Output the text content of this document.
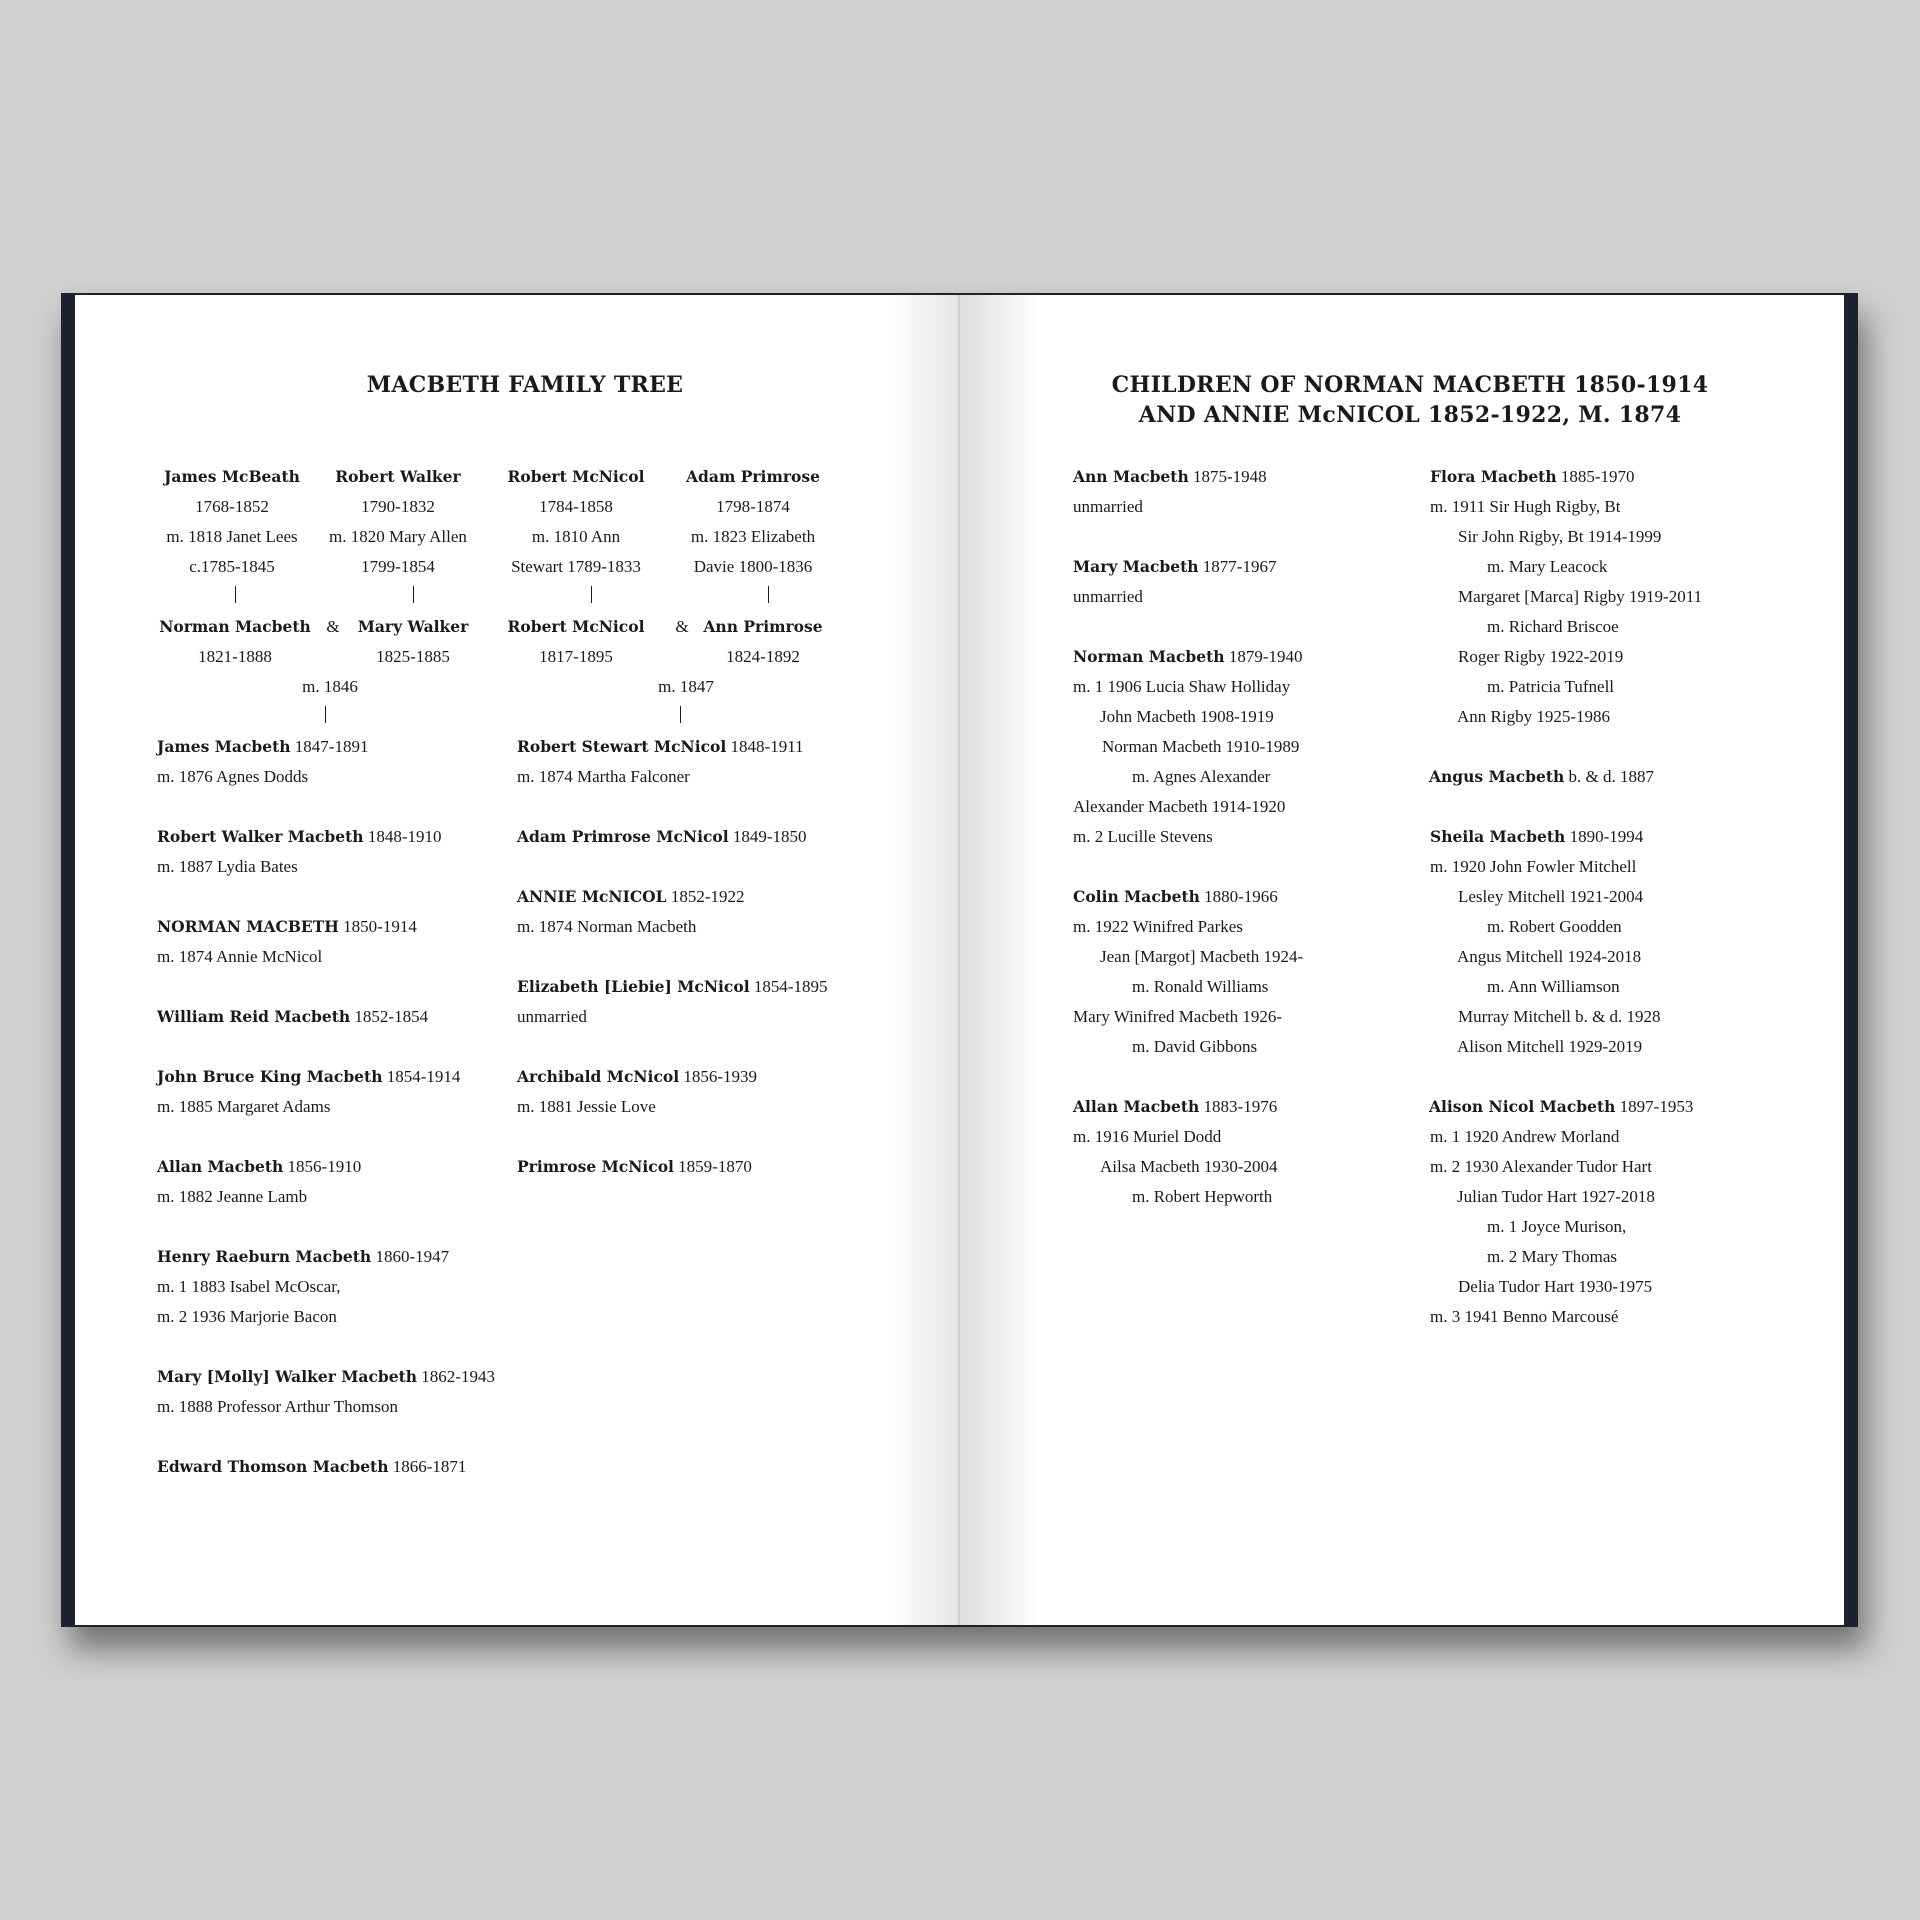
MACBETH FAMILY TREE
James McBeath
1768-1852
m. 1818 Janet Lees
c.1785-1845
Robert Walker
1790-1832
m. 1820 Mary Allen
1799-1854
Robert McNicol
1784-1858
m. 1810 Ann
Stewart 1789-1833
Adam Primrose
1798-1874
m. 1823 Elizabeth
Davie 1800-1836
Norman Macbeth
1821-1888
&	Mary Walker
1825-1885
Robert McNicol
1817-1895
& Ann Primrose
1824-1892
m. 1846	m. 1847
James Macbeth 1847-1891
m. 1876 Agnes Dodds
Robert Walker Macbeth 1848-1910
m. 1887 Lydia Bates
NORMAN MACBETH 1850-1914
m. 1874 Annie McNicol
William Reid Macbeth 1852-1854
John Bruce King Macbeth 1854-1914
m. 1885 Margaret Adams
Allan Macbeth 1856-1910
m. 1882 Jeanne Lamb
Henry Raeburn Macbeth 1860-1947
m. 1 1883 Isabel McOscar,
m. 2 1936 Marjorie Bacon
Mary [Molly] Walker Macbeth 1862-1943
m. 1888 Professor Arthur Thomson
Edward Thomson Macbeth 1866-1871
Robert Stewart McNicol 1848-1911
m. 1874 Martha Falconer
Adam Primrose McNicol 1849-1850
ANNIE McNICOL 1852-1922
m. 1874 Norman Macbeth
Elizabeth [Liebie] McNicol 1854-1895
unmarried
Archibald McNicol 1856-1939
m. 1881 Jessie Love
Primrose McNicol 1859-1870
CHILDREN OF NORMAN MACBETH 1850-1914
AND ANNIE McNICOL 1852-1922, M. 1874
Ann Macbeth 1875-1948
unmarried
Mary Macbeth 1877-1967
unmarried
Norman Macbeth 1879-1940
m. 1 1906 Lucia Shaw Holliday
John Macbeth 1908-1919
Norman Macbeth 1910-1989
m. Agnes Alexander
Alexander Macbeth 1914-1920
m. 2 Lucille Stevens
Colin Macbeth 1880-1966
m. 1922 Winifred Parkes
Jean [Margot] Macbeth 1924-
m. Ronald Williams
Mary Winifred Macbeth 1926-
m. David Gibbons
Allan Macbeth 1883-1976
m. 1916 Muriel Dodd
Ailsa Macbeth 1930-2004
m. Robert Hepworth
Flora Macbeth 1885-1970
m. 1911 Sir Hugh Rigby, Bt
Sir John Rigby, Bt 1914-1999
m. Mary Leacock
Margaret [Marca] Rigby 1919-2011
m. Richard Briscoe
Roger Rigby 1922-2019
m. Patricia Tufnell
Ann Rigby 1925-1986
Angus Macbeth b. & d. 1887
Sheila Macbeth 1890-1994
m. 1920 John Fowler Mitchell
Lesley Mitchell 1921-2004
m. Robert Goodden
Angus Mitchell 1924-2018
m. Ann Williamson
Murray Mitchell b. & d. 1928
Alison Mitchell 1929-2019
Alison Nicol Macbeth 1897-1953
m. 1 1920 Andrew Morland
m. 2 1930 Alexander Tudor Hart
Julian Tudor Hart 1927-2018
m. 1 Joyce Murison,
m. 2 Mary Thomas
Delia Tudor Hart 1930-1975
m. 3 1941 Benno Marcousé
